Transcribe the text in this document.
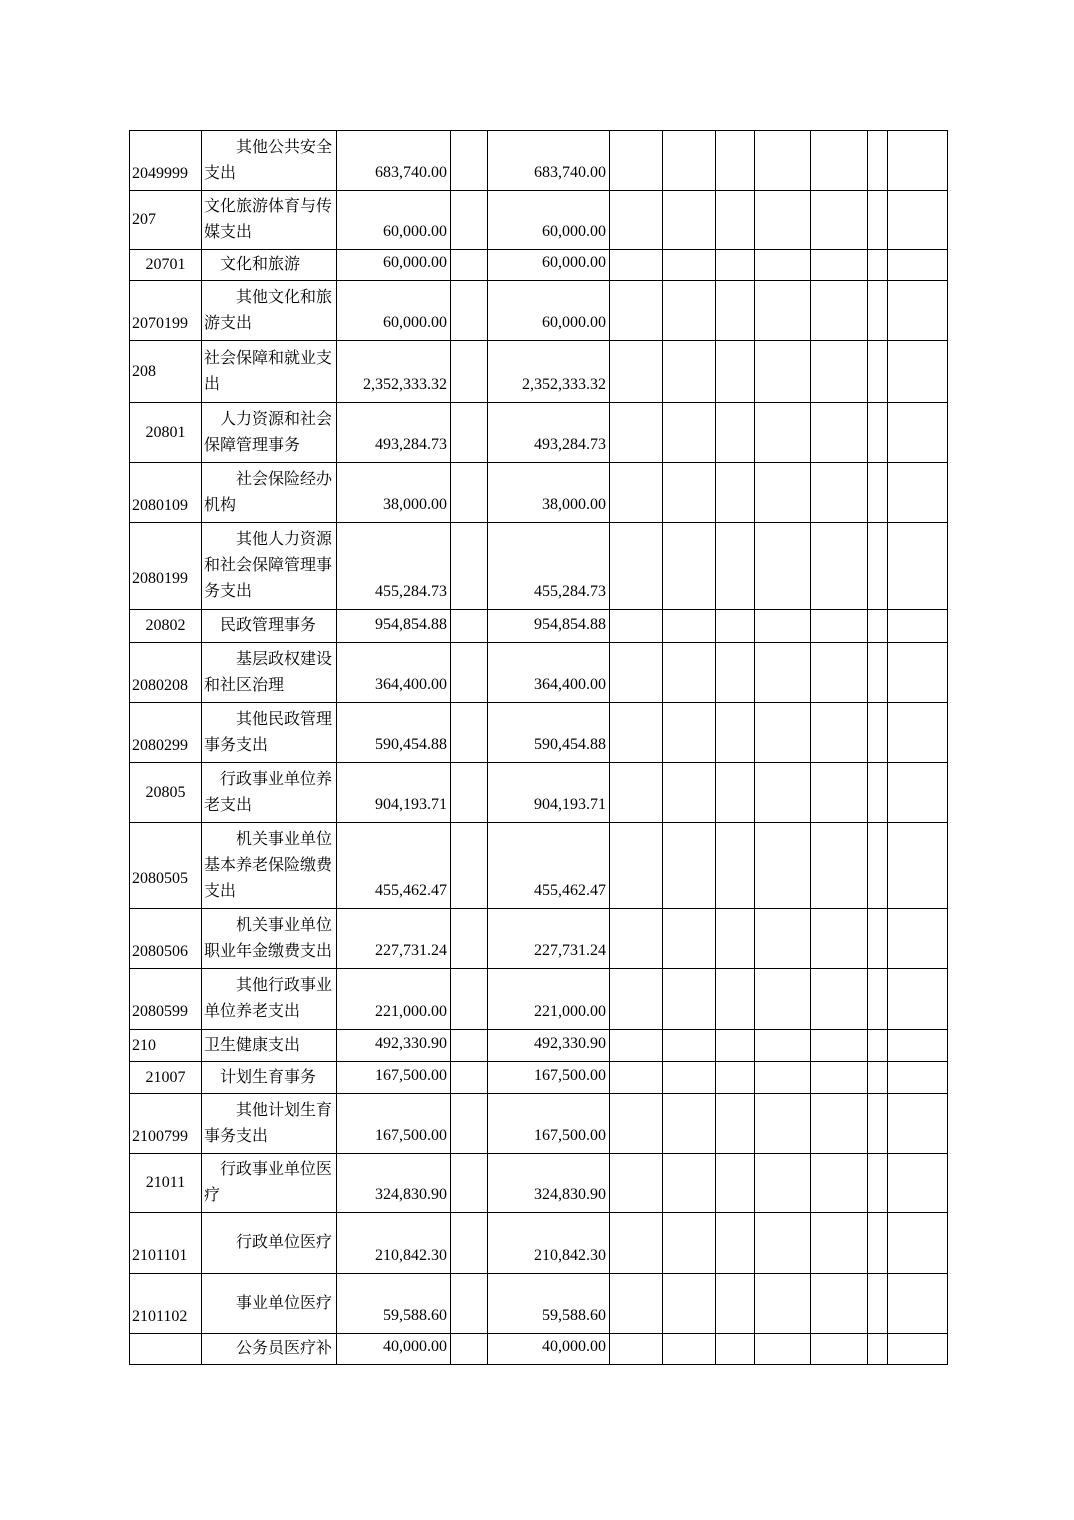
2049999	其他公共安全支出	683,740.00		683,740.00							
207	文化旅游体育与传媒支出	60,000.00		60,000.00							
20701	文化和旅游	60,000.00		60,000.00							
2070199	其他文化和旅游支出	60,000.00		60,000.00							
208	社会保障和就业支出	2,352,333.32		2,352,333.32							
20801	人力资源和社会保障管理事务	493,284.73		493,284.73							
2080109	社会保险经办机构	38,000.00		38,000.00							
2080199	其他人力资源和社会保障管理事务支出	455,284.73		455,284.73							
20802	民政管理事务	954,854.88		954,854.88							
2080208	基层政权建设和社区治理	364,400.00		364,400.00							
2080299	其他民政管理事务支出	590,454.88		590,454.88							
20805	行政事业单位养老支出	904,193.71		904,193.71							
2080505	机关事业单位基本养老保险缴费支出	455,462.47		455,462.47							
2080506	机关事业单位职业年金缴费支出	227,731.24		227,731.24							
2080599	其他行政事业单位养老支出	221,000.00		221,000.00							
210	卫生健康支出	492,330.90		492,330.90							
21007	计划生育事务	167,500.00		167,500.00							
2100799	其他计划生育事务支出	167,500.00		167,500.00							
21011	行政事业单位医疗	324,830.90		324,830.90							
2101101	行政单位医疗	210,842.30		210,842.30							
2101102	事业单位医疗	59,588.60		59,588.60							
	公务员医疗补	40,000.00		40,000.00							
